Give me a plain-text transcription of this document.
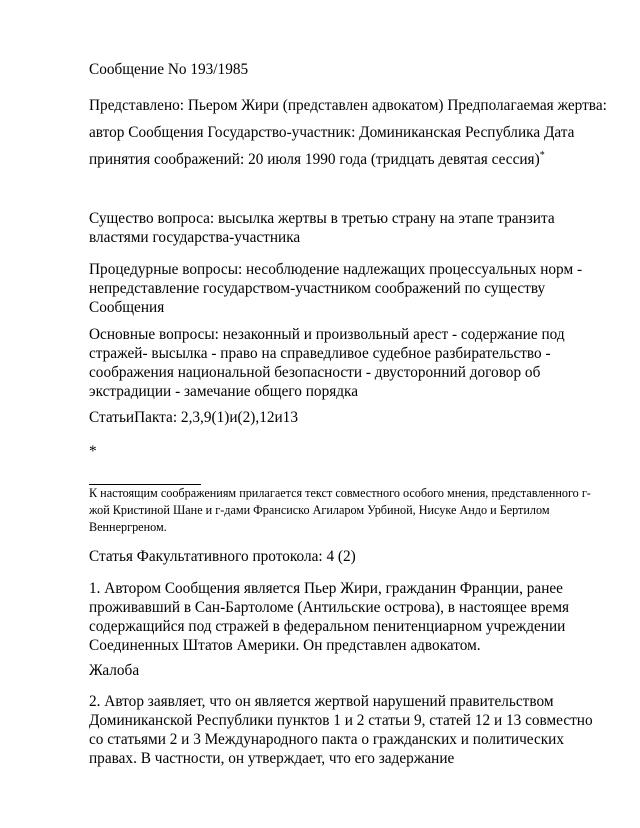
Сообщение No 193/1985

Представлено: Пьером Жири (представлен адвокатом) Предполагаемая жертва: автор Сообщения Государство-участник: Доминиканская Республика Дата принятия соображений: 20 июля 1990 года (тридцать девятая сессия)*

Существо вопроса: высылка жертвы в третью страну на этапе транзита властями государства-участника

Процедурные вопросы: несоблюдение надлежащих процессуальных норм - непредставление государством-участником соображений по существу Сообщения

Основные вопросы: незаконный и произвольный арест - содержание под стражей- высылка - право на справедливое судебное разбирательство - соображения национальной безопасности - двусторонний договор об экстрадиции - замечание общего порядка

СтатьиПакта: 2,3,9(1)и(2),12и13

*

К настоящим соображениям прилагается текст совместного особого мнения, представленного г-жой Кристиной Шане и г-дами Франсиско Агиларом Урбиной, Нисуке Андо и Бертилом Веннергреном.

Статья Факультативного протокола: 4 (2)

1. Автором Сообщения является Пьер Жири, гражданин Франции, ранее проживавший в Сан-Бартоломе (Антильские острова), в настоящее время содержащийся под стражей в федеральном пенитенциарном учреждении Соединенных Штатов Америки. Он представлен адвокатом.

Жалоба

2. Автор заявляет, что он является жертвой нарушений правительством Доминиканской Республики пунктов 1 и 2 статьи 9, статей 12 и 13 совместно со статьями 2 и 3 Международного пакта о гражданских и политических правах. В частности, он утверждает, что его задержание
